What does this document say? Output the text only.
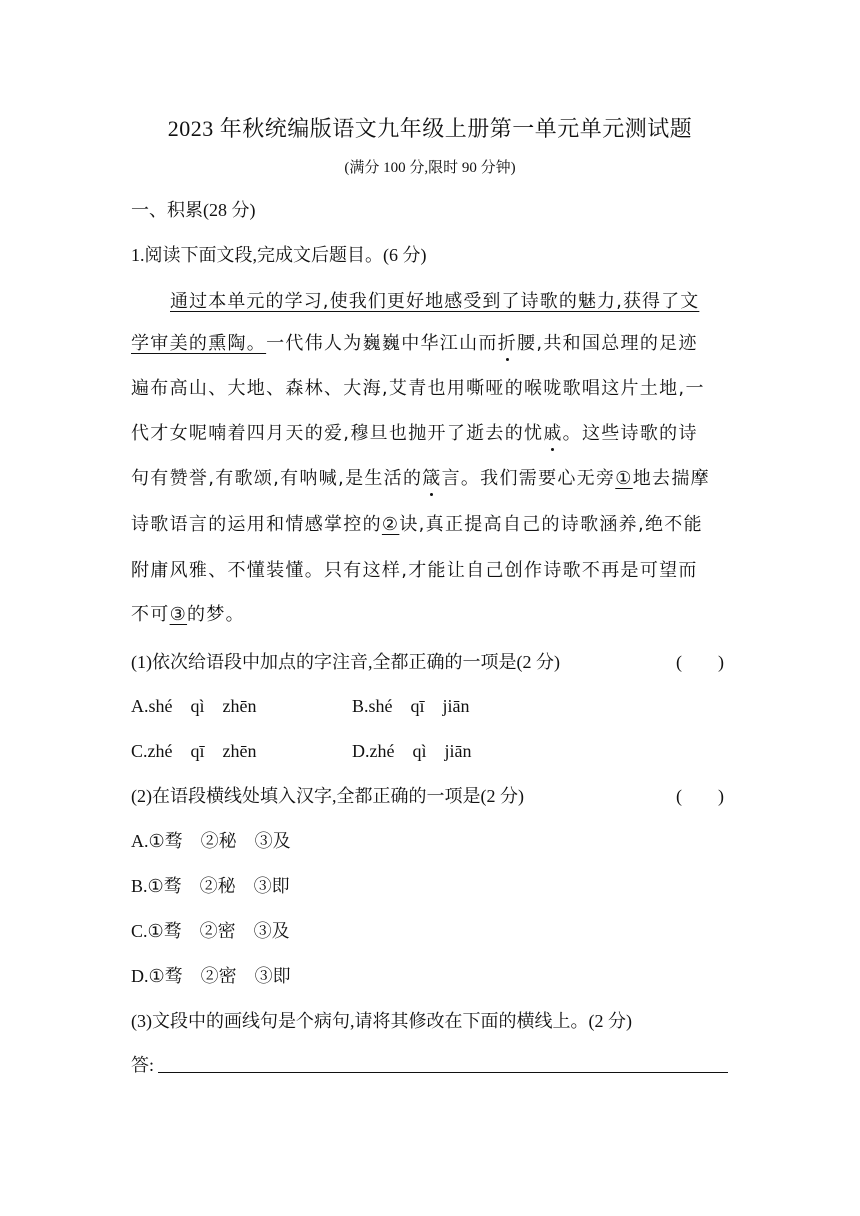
2023 年秋统编版语文九年级上册第一单元单元测试题
(满分 100 分,限时 90 分钟)
一、积累(28 分)
1.阅读下面文段,完成文后题目。(6 分)
通过本单元的学习,使我们更好地感受到了诗歌的魅力,获得了文
学审美的熏陶。一代伟人为巍巍中华江山而折腰,共和国总理的足迹
遍布高山、大地、森林、大海,艾青也用嘶哑的喉咙歌唱这片土地,一
代才女呢喃着四月天的爱,穆旦也抛开了逝去的忧戚。这些诗歌的诗
句有赞誉,有歌颂,有呐喊,是生活的箴言。我们需要心无旁①地去揣摩
诗歌语言的运用和情感掌控的②诀,真正提高自己的诗歌涵养,绝不能
附庸风雅、不懂装懂。只有这样,才能让自己创作诗歌不再是可望而
不可③的梦。
(1)依次给语段中加点的字注音,全都正确的一项是(2 分)	(　　)
A.shé　qì　zhēn	B.shé　qī　jiān
C.zhé　qī　zhēn	D.zhé　qì　jiān
(2)在语段横线处填入汉字,全都正确的一项是(2 分)	(　　)
A.①骛　②秘　③及
B.①骛　②秘　③即
C.①骛　②密　③及
D.①骛　②密　③即
(3)文段中的画线句是个病句,请将其修改在下面的横线上。(2 分)
答:
